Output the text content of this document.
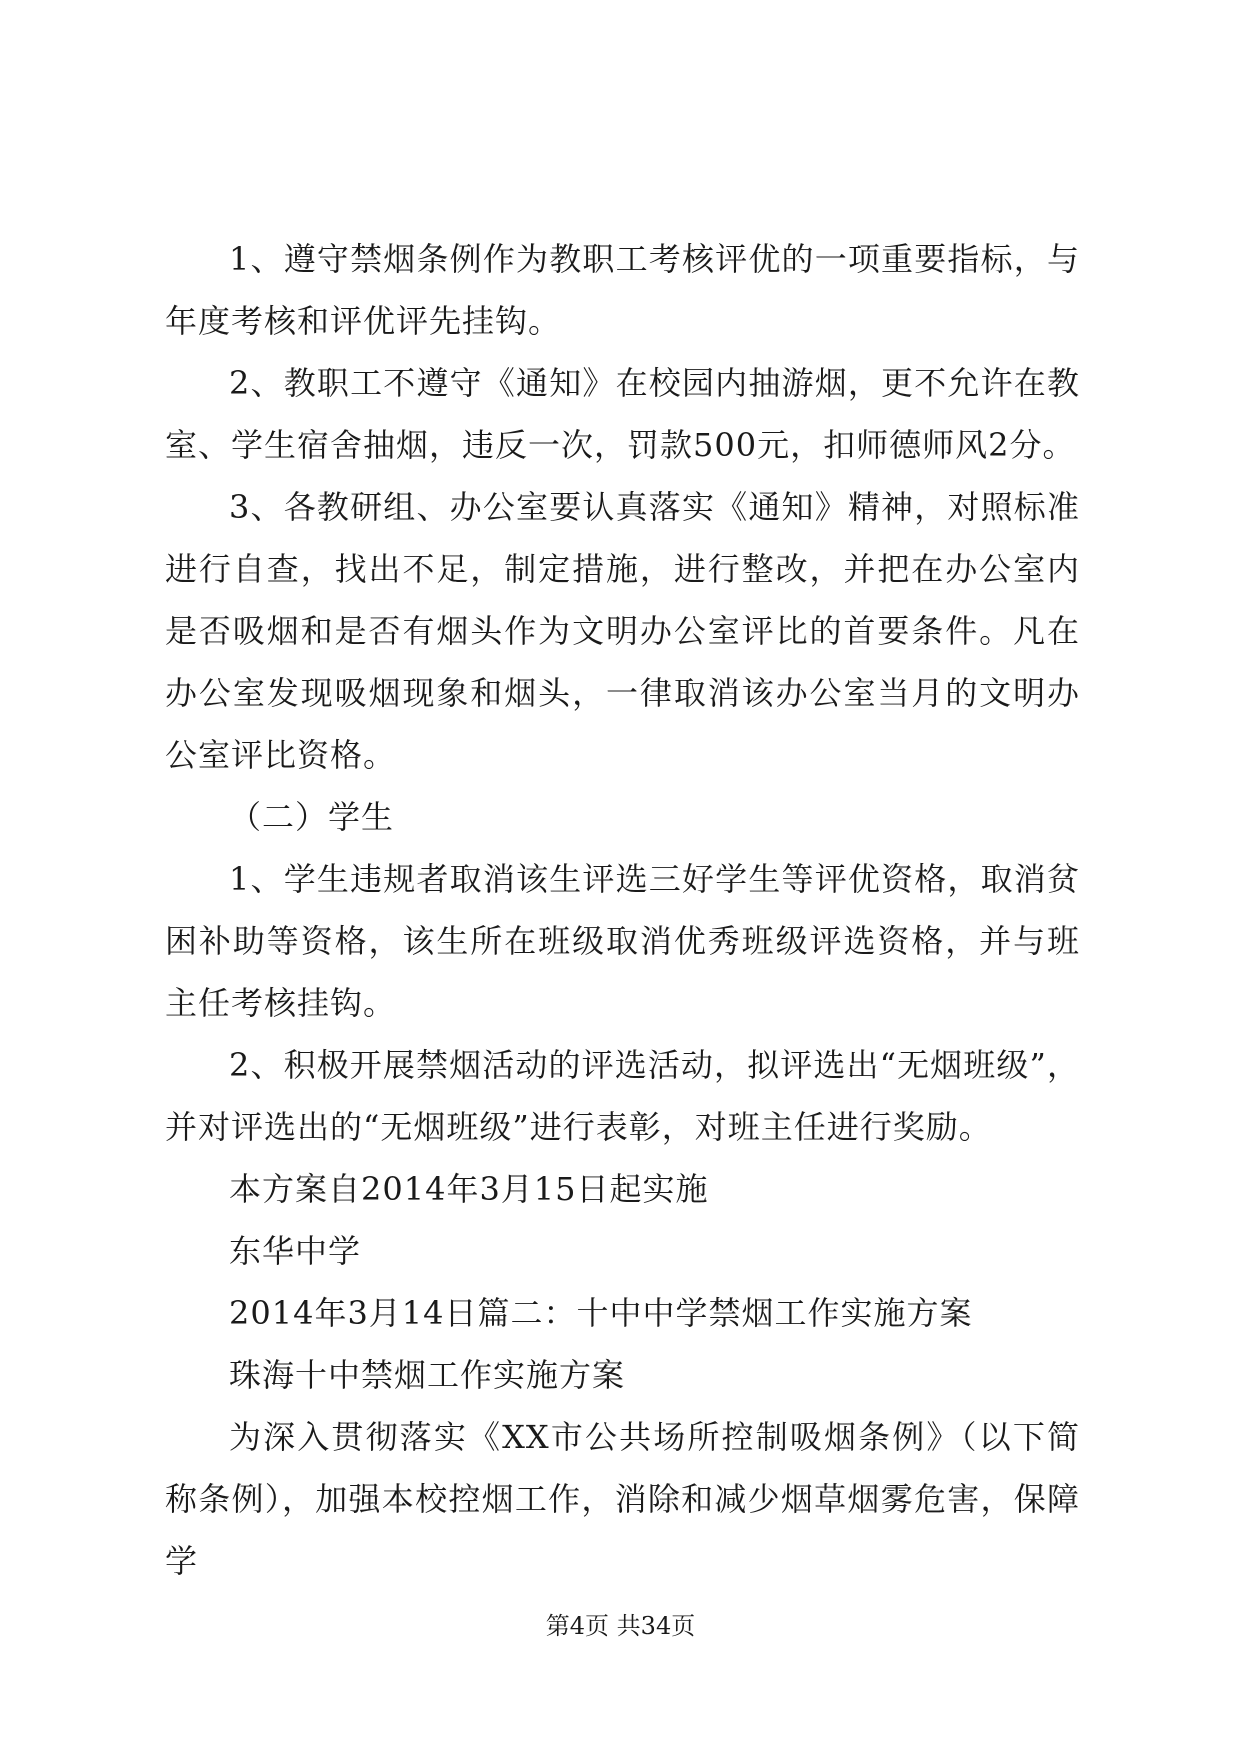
1、遵守禁烟条例作为教职工考核评优的一项重要指标，与年度考核和评优评先挂钩。

2、教职工不遵守《通知》在校园内抽游烟，更不允许在教室、学生宿舍抽烟，违反一次，罚款500元，扣师德师风2分。

3、各教研组、办公室要认真落实《通知》精神，对照标准进行自查，找出不足，制定措施，进行整改，并把在办公室内是否吸烟和是否有烟头作为文明办公室评比的首要条件。凡在办公室发现吸烟现象和烟头，一律取消该办公室当月的文明办公室评比资格。

（二）学生

1、学生违规者取消该生评选三好学生等评优资格，取消贫困补助等资格，该生所在班级取消优秀班级评选资格，并与班主任考核挂钩。

2、积极开展禁烟活动的评选活动，拟评选出“无烟班级”，并对评选出的“无烟班级”进行表彰，对班主任进行奖励。

本方案自2014年3月15日起实施

东华中学

2014年3月14日篇二：十中中学禁烟工作实施方案

珠海十中禁烟工作实施方案

为深入贯彻落实《XX市公共场所控制吸烟条例》（以下简称条例），加强本校控烟工作，消除和减少烟草烟雾危害，保障学

第4页 共34页
